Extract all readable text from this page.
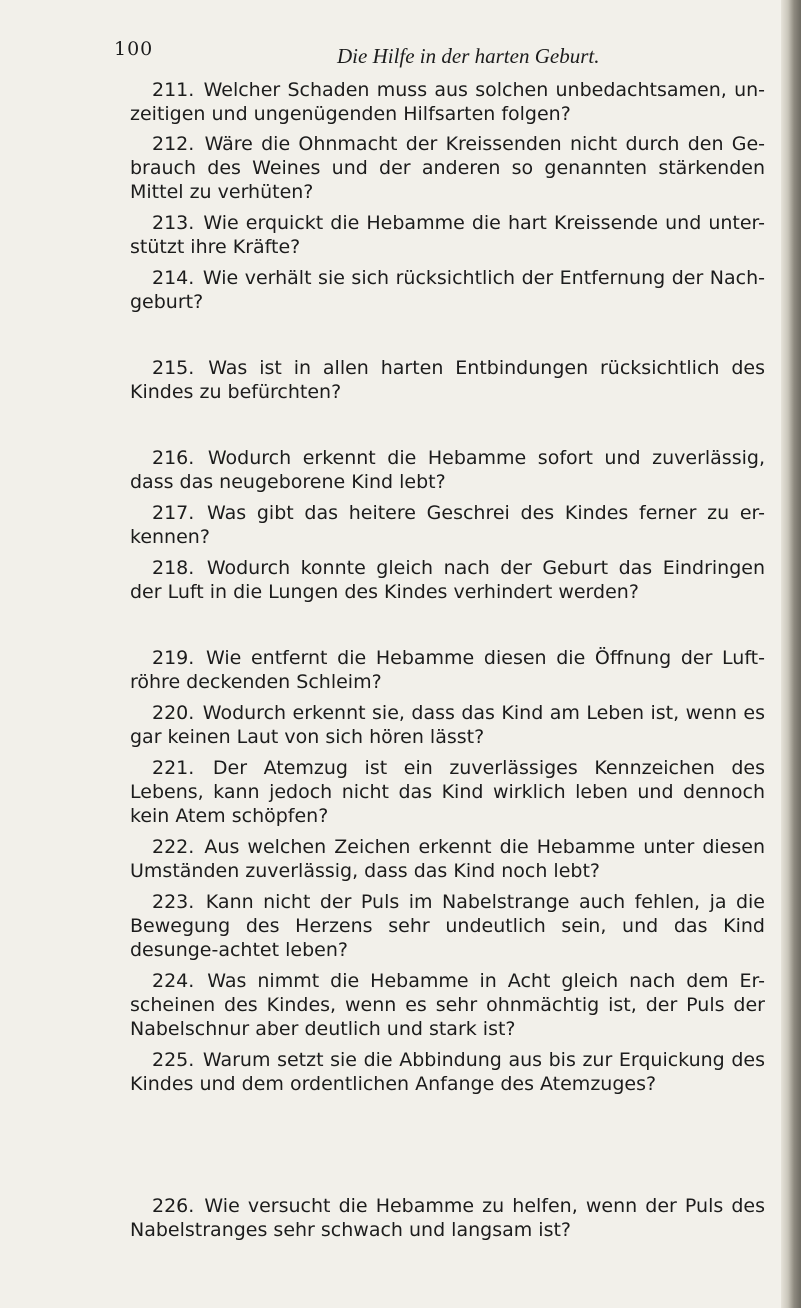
100	Die Hilfe in der harten Geburt.

211. Welcher Schaden muss aus solchen unbedachtsamen, un-zeitigen und ungenügenden Hilfsarten folgen?

212. Wäre die Ohnmacht der Kreissenden nicht durch den Ge-brauch des Weines und der anderen so genannten stärkenden Mittel zu verhüten?

213. Wie erquickt die Hebamme die hart Kreissende und unter-stützt ihre Kräfte?

214. Wie verhält sie sich rücksichtlich der Entfernung der Nach-geburt?

215. Was ist in allen harten Entbindungen rücksichtlich des Kindes zu befürchten?

216. Wodurch erkennt die Hebamme sofort und zuverlässig, dass das neugeborene Kind lebt?

217. Was gibt das heitere Geschrei des Kindes ferner zu er-kennen?

218. Wodurch konnte gleich nach der Geburt das Eindringen der Luft in die Lungen des Kindes verhindert werden?

219. Wie entfernt die Hebamme diesen die Öffnung der Luft-röhre deckenden Schleim?

220. Wodurch erkennt sie, dass das Kind am Leben ist, wenn es gar keinen Laut von sich hören lässt?

221. Der Atemzug ist ein zuverlässiges Kennzeichen des Lebens, kann jedoch nicht das Kind wirklich leben und dennoch kein Atem schöpfen?

222. Aus welchen Zeichen erkennt die Hebamme unter diesen Umständen zuverlässig, dass das Kind noch lebt?

223. Kann nicht der Puls im Nabelstrange auch fehlen, ja die Bewegung des Herzens sehr undeutlich sein, und das Kind desunge-achtet leben?

224. Was nimmt die Hebamme in Acht gleich nach dem Er-scheinen des Kindes, wenn es sehr ohnmächtig ist, der Puls der Nabelschnur aber deutlich und stark ist?

225. Warum setzt sie die Abbindung aus bis zur Erquickung des Kindes und dem ordentlichen Anfange des Atemzuges?

226. Wie versucht die Hebamme zu helfen, wenn der Puls des Nabelstranges sehr schwach und langsam ist?
